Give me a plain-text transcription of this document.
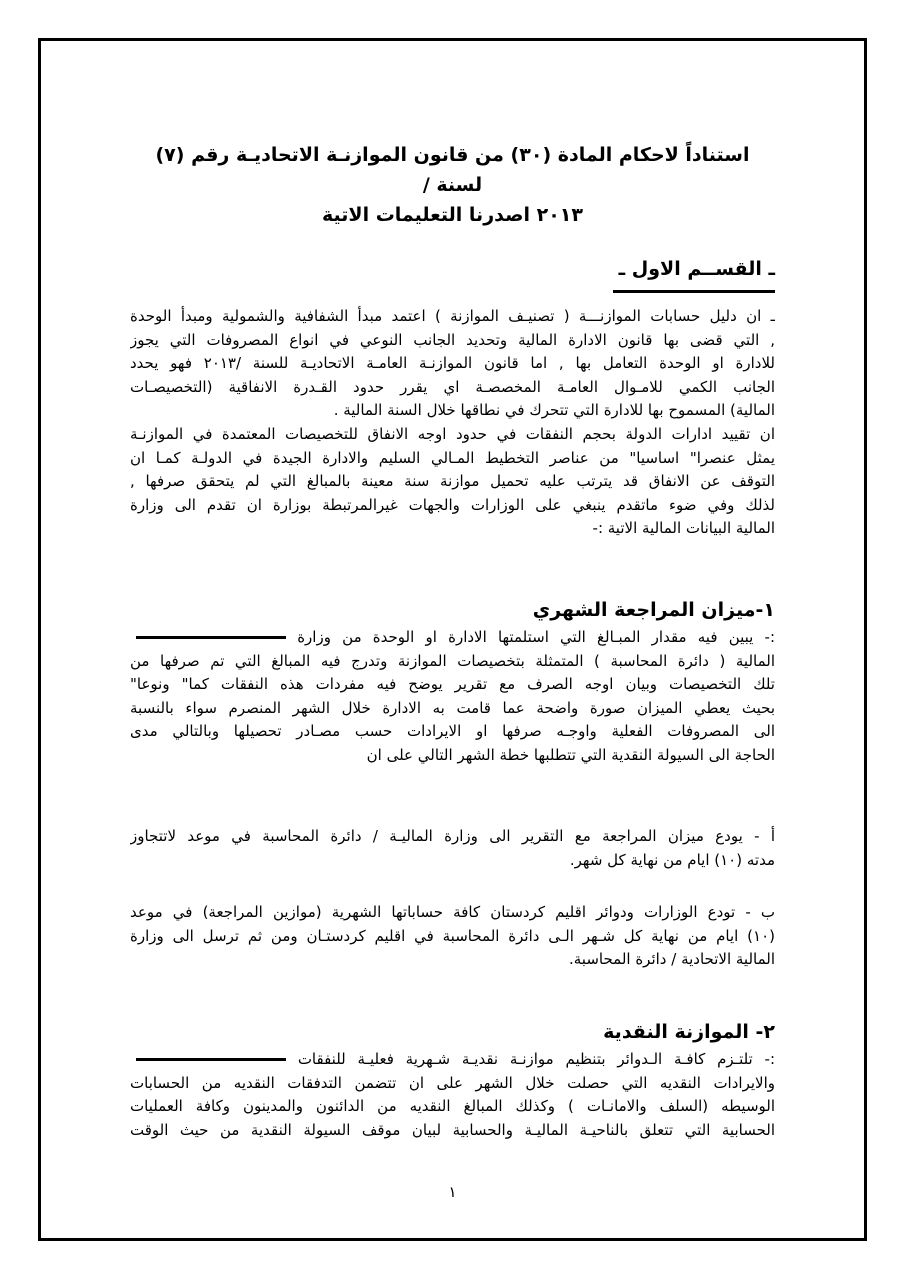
استناداً لاحكام المادة (٣٠) من قانون الموازنـة الاتحاديـة رقم (٧) لسنة /
٢٠١٣ اصدرنا التعليمات الاتية
ـ القســم الاول ـ
ـ ان دليل حسابات الموازنـــة ( تصنيـف الموازنة ) اعتمد مبدأ الشفافية والشمولية ومبدأ الوحدة
, التي قضى بها قانون الادارة المالية وتحديد الجانب النوعي في انواع المصروفات التي يجوز
للادارة او الوحدة التعامل بها , اما قانون الموازنـة العامـة الاتحاديـة للسنة /٢٠١٣ فهو يحدد
الجانب الكمي للامـوال العامـة المخصصـة اي يقرر حدود القـدرة الانفاقية (التخصيصـات
المالية) المسموح بها للادارة التي تتحرك في نطاقها خلال السنة المالية .
ان تقييد ادارات الدولة بحجم النفقات في حدود اوجه الانفاق للتخصيصات المعتمدة في الموازنـة
يمثل عنصرا" اساسيا" من عناصر التخطيط المـالي السليم والادارة الجيدة في الدولـة كمـا ان
التوقف عن الانفاق قد يترتب عليه تحميل موازنة سنة معينة بالمبالغ التي لم يتحقق صرفها ,
لذلك وفي ضوء ماتقدم ينبغي على الوزارات والجهات غيرالمرتبطة بوزارة ان تقدم الى وزارة
المالية البيانات المالية الاتية :-
١-ميزان المراجعة الشهري
:- يبين فيه مقدار المبـالغ التي استلمتها الادارة او الوحدة من وزارة
المالية ( دائرة المحاسبة ) المتمثلة بتخصيصات الموازنة وتدرج فيه المبالغ التي تم صرفها من
تلك التخصيصات وبيان اوجه الصرف مع تقرير يوضح فيه مفردات هذه النفقات كما" ونوعا"
بحيث يعطي الميزان صورة واضحة عما قامت به الادارة خلال الشهر المنصرم سواء بالنسبة
الى المصروفات الفعلية واوجـه صرفها او الايرادات حسب مصـادر تحصيلها وبالتالي مدى
الحاجة الى السيولة النقدية التي تتطلبها خطة الشهر التالي على ان
أ - يودع ميزان المراجعة مع التقرير الى وزارة الماليـة / دائرة المحاسبة في موعد لاتتجاوز
مدته (١٠) ايام من نهاية كل شهر.
ب - تودع الوزارات ودوائر اقليم كردستان كافة حساباتها الشهرية (موازين المراجعة) في موعد
(١٠) ايام من نهاية كل شـهر الـى دائرة المحاسبة في اقليم كردستـان ومن ثم ترسل الى وزارة
المالية الاتحادية / دائرة المحاسبة.
٢- الموازنة النقدية
:- تلتـزم كافـة الـدوائر بتنظيم موازنـة نقديـة شـهرية فعليـة للنفقات
والايرادات النقديه التي حصلت خلال الشهر على ان تتضمن التدفقات النقديه من الحسابات
الوسيطه (السلف والامانـات ) وكذلك المبالغ النقديه من الدائنون والمدينون وكافة العمليات
الحسابية التي تتعلق بالناحيـة الماليـة والحسابية لبيان موقف السيولة النقدية من حيث الوقت
١
